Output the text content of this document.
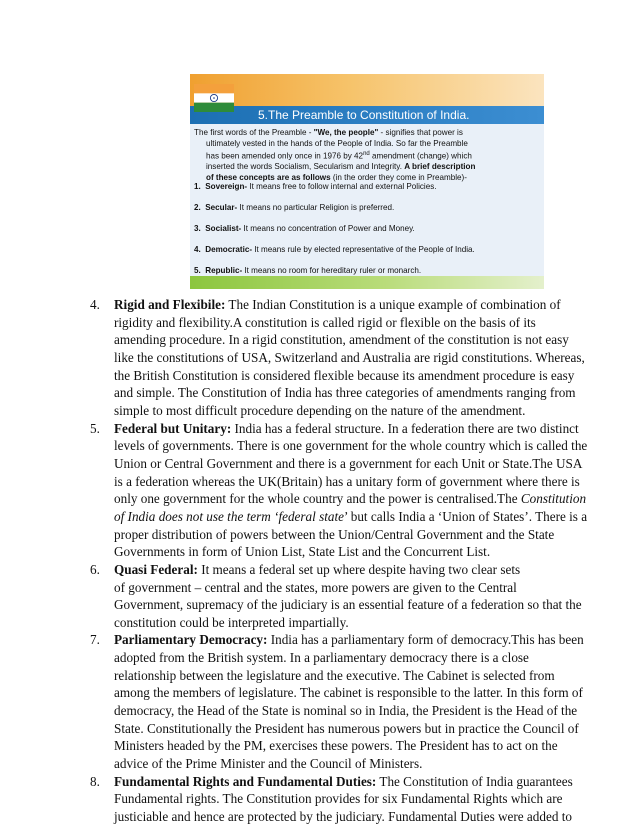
5.The Preamble to Constitution of India.

The first words of the Preamble - "We, the people" - signifies that power is

ultimately vested in the hands of the People of India. So far the Preamble

has been amended only once in 1976 by 42nd amendment (change) which

inserted the words Socialism, Secularism and Integrity. A brief description

of these concepts are as follows (in the order they come in Preamble)-

1. Sovereign- It means free to follow internal and external Policies.
2. Secular- It means no particular Religion is preferred.
3. Socialist- It means no concentration of Power and Money.
4. Democratic- It means rule by elected representative of the People of India.
5. Republic- It means no room for hereditary ruler or monarch.
4. Rigid and Flexibile: The Indian Constitution is a unique example of combination of
rigidity and flexibility.A constitution is called rigid or flexible on the basis of its
amending procedure. In a rigid constitution, amendment of the constitution is not easy
like the constitutions of USA, Switzerland and Australia are rigid constitutions. Whereas,
the British Constitution is considered flexible because its amendment procedure is easy
and simple. The Constitution of India has three categories of amendments ranging from
simple to most difficult procedure depending on the nature of the amendment.
5. Federal but Unitary: India has a federal structure. In a federation there are two distinct
levels of governments. There is one government for the whole country which is called the
Union or Central Government and there is a government for each Unit or State.The USA
is a federation whereas the UK(Britain) has a unitary form of government where there is
only one government for the whole country and the power is centralised.The Constitution
of India does not use the term ‘federal state’ but calls India a ‘Union of States’. There is a
proper distribution of powers between the Union/Central Government and the State
Governments in form of Union List, State List and the Concurrent List.
6. Quasi Federal: It means a federal set up where despite having two clear sets
of government – central and the states, more powers are given to the Central
Government, supremacy of the judiciary is an essential feature of a federation so that the
constitution could be interpreted impartially.
7. Parliamentary Democracy: India has a parliamentary form of democracy.This has been
adopted from the British system. In a parliamentary democracy there is a close
relationship between the legislature and the executive. The Cabinet is selected from
among the members of legislature. The cabinet is responsible to the latter. In this form of
democracy, the Head of the State is nominal so in India, the President is the Head of the
State. Constitutionally the President has numerous powers but in practice the Council of
Ministers headed by the PM, exercises these powers. The President has to act on the
advice of the Prime Minister and the Council of Ministers.
8. Fundamental Rights and Fundamental Duties: The Constitution of India guarantees
Fundamental rights. The Constitution provides for six Fundamental Rights which are
justiciable and hence are protected by the judiciary. Fundamental Duties were added to
